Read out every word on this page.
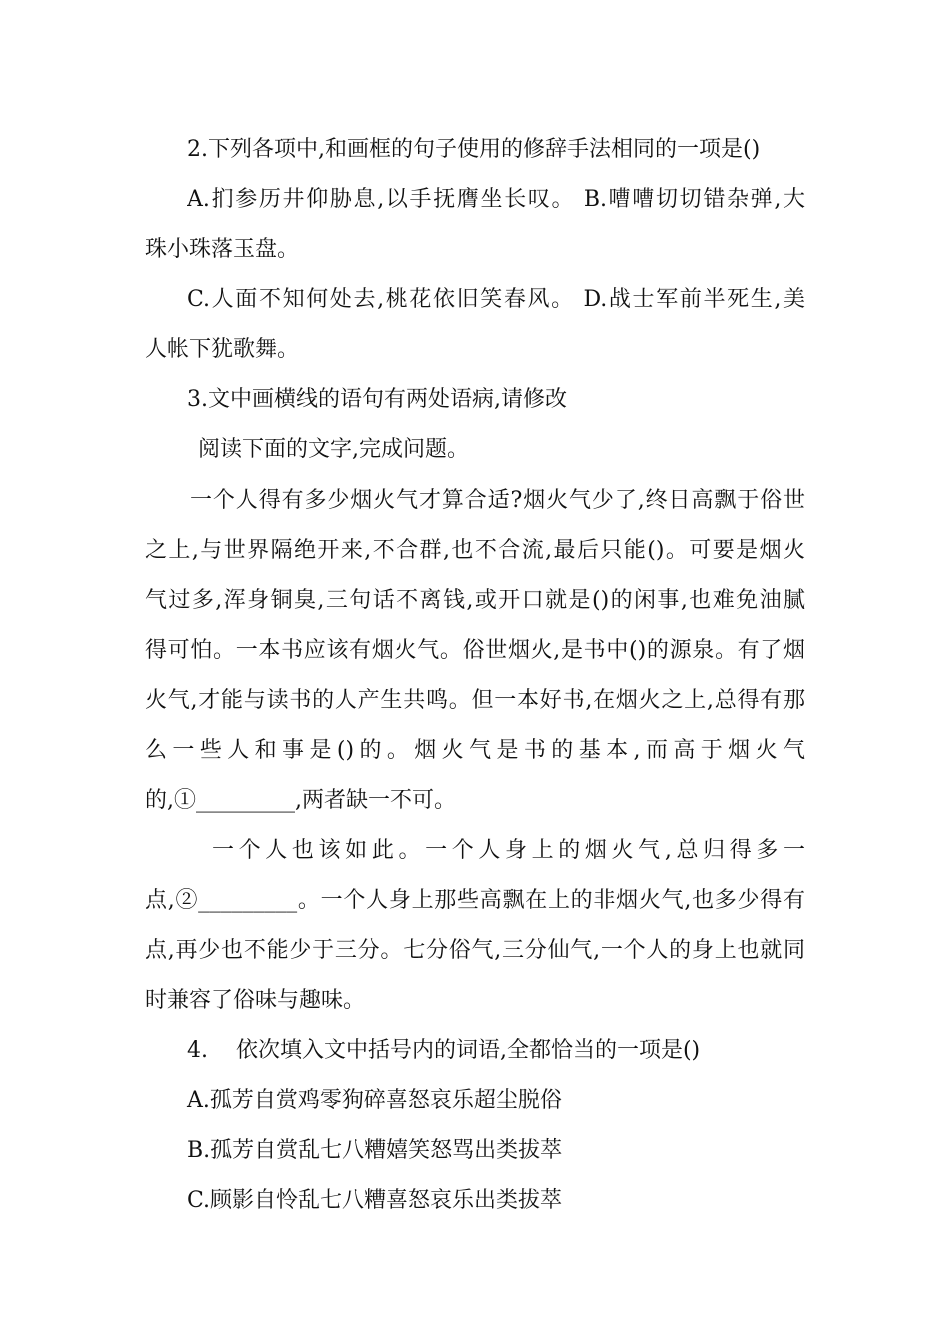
2.下列各项中,和画框的句子使用的修辞手法相同的一项是()
A.扪参历井仰胁息,以手抚膺坐长叹。 B.嘈嘈切切错杂弹,大
珠小珠落玉盘。
C.人面不知何处去,桃花依旧笑春风。 D.战士军前半死生,美
人帐下犹歌舞。
3.文中画横线的语句有两处语病,请修改
阅读下面的文字,完成问题。
一个人得有多少烟火气才算合适?烟火气少了,终日高飘于俗世
之上,与世界隔绝开来,不合群,也不合流,最后只能()。可要是烟火
气过多,浑身铜臭,三句话不离钱,或开口就是()的闲事,也难免油腻
得可怕。一本书应该有烟火气。俗世烟火,是书中()的源泉。有了烟
火气,才能与读书的人产生共鸣。但一本好书,在烟火之上,总得有那
么一些人和事是()的。烟火气是书的基本,而高于烟火气
的,①_________,两者缺一不可。
一个人也该如此。一个人身上的烟火气,总归得多一
点,②_________。一个人身上那些高飘在上的非烟火气,也多少得有
点,再少也不能少于三分。七分俗气,三分仙气,一个人的身上也就同
时兼容了俗味与趣味。
4.    依次填入文中括号内的词语,全都恰当的一项是()
A.孤芳自赏鸡零狗碎喜怒哀乐超尘脱俗
B.孤芳自赏乱七八糟嬉笑怒骂出类拔萃
C.顾影自怜乱七八糟喜怒哀乐出类拔萃
